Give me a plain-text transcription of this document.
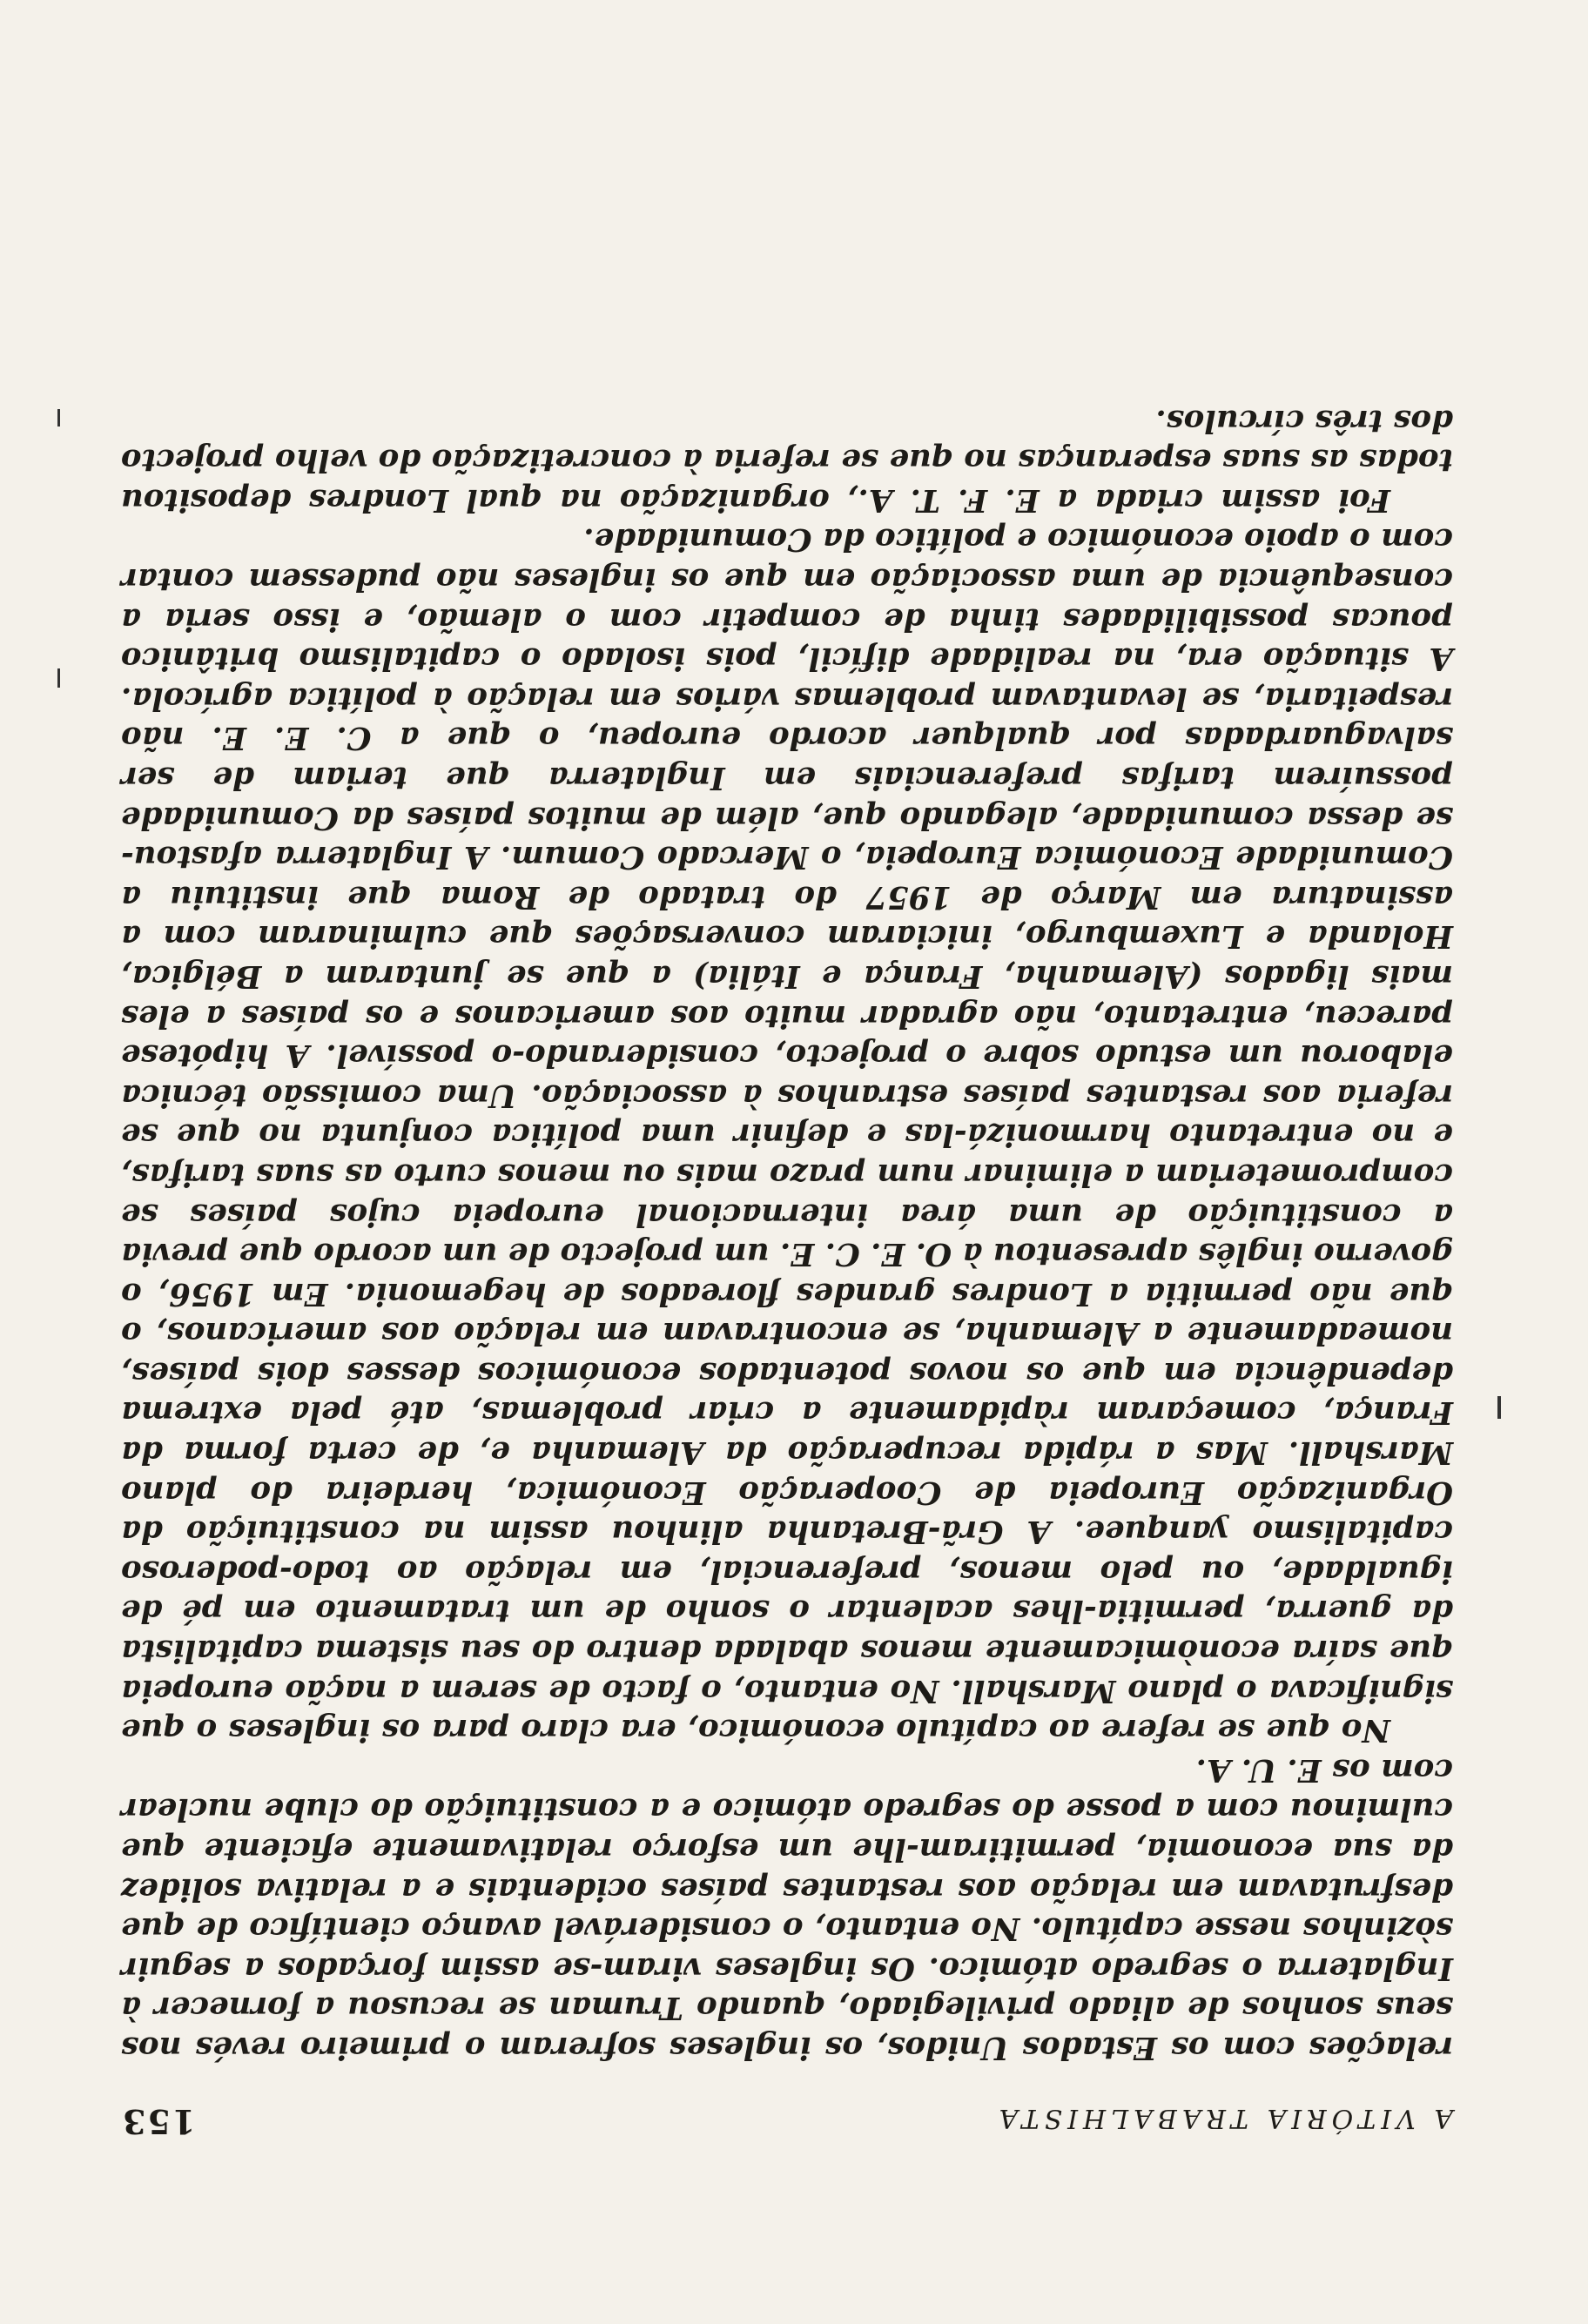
A VITÓRIA TRABALHISTA
153

relações com os Estados Unidos, os ingleses sofreram o primeiro revés nos seus sonhos de aliado privilegiado, quando Truman se recusou a fornecer à Inglaterra o segredo atómico. Os ingleses viram-se assim forçados a seguir sòzinhos nesse capítulo. No entanto, o considerável avanço científico de que desfrutavam em relação aos restantes países ocidentais e a relativa solidez da sua economia, permitiram-lhe um esforço relativamente eficiente que culminou com a posse do segredo atómico e a constituição do clube nuclear com os E. U. A.

No que se refere ao capítulo económico, era claro para os ingleses o que significava o plano Marshall. No entanto, o facto de serem a nação europeia que saíra econòmicamente menos abalada dentro do seu sistema capitalista da guerra, permitia-lhes acalentar o sonho de um tratamento em pé de igualdade, ou pelo menos, preferencial, em relação ao todo-poderoso capitalismo yanquee. A Grã-Bretanha alinhou assim na constituição da Organização Europeia de Cooperação Económica, herdeira do plano Marshall. Mas a rápida recuperação da Alemanha e, de certa forma da França, começaram ràpidamente a criar problemas, até pela extrema dependência em que os novos potentados económicos desses dois países, nomeadamente a Alemanha, se encontravam em relação aos americanos, o que não permitia a Londres grandes floreados de hegemonia. Em 1956, o governo inglês apresentou à O. E. C. E. um projecto de um acordo que previa a constituição de uma área internacional europeia cujos países se comprometeriam a eliminar num prazo mais ou menos curto as suas tarifas, e no entretanto harmonizá-las e definir uma política conjunta no que se referia aos restantes países estranhos à associação. Uma comissão técnica elaborou um estudo sobre o projecto, considerando-o possível. A hipótese pareceu, entretanto, não agradar muito aos americanos e os países a eles mais ligados (Alemanha, França e Itália) a que se juntaram a Bélgica, Holanda e Luxemburgo, iniciaram conversações que culminaram com a assinatura em Março de 1957 do tratado de Roma que instituiu a Comunidade Económica Europeia, o Mercado Comum. A Inglaterra afastou-se dessa comunidade, alegando que, além de muitos países da Comunidade possuírem tarifas preferenciais em Inglaterra que teriam de ser salvaguardadas por qualquer acordo europeu, o que a C. E. E. não respeitaria, se levantavam problemas vários em relação à política agrícola. A situação era, na realidade difícil, pois isolado o capitalismo britânico poucas possibilidades tinha de competir com o alemão, e isso seria a consequência de uma associação em que os ingleses não pudessem contar com o apoio económico e político da Comunidade.

Foi assim criada a E. F. T. A., organização na qual Londres depositou todas as suas esperanças no que se referia à concretização do velho projecto dos três círculos.
